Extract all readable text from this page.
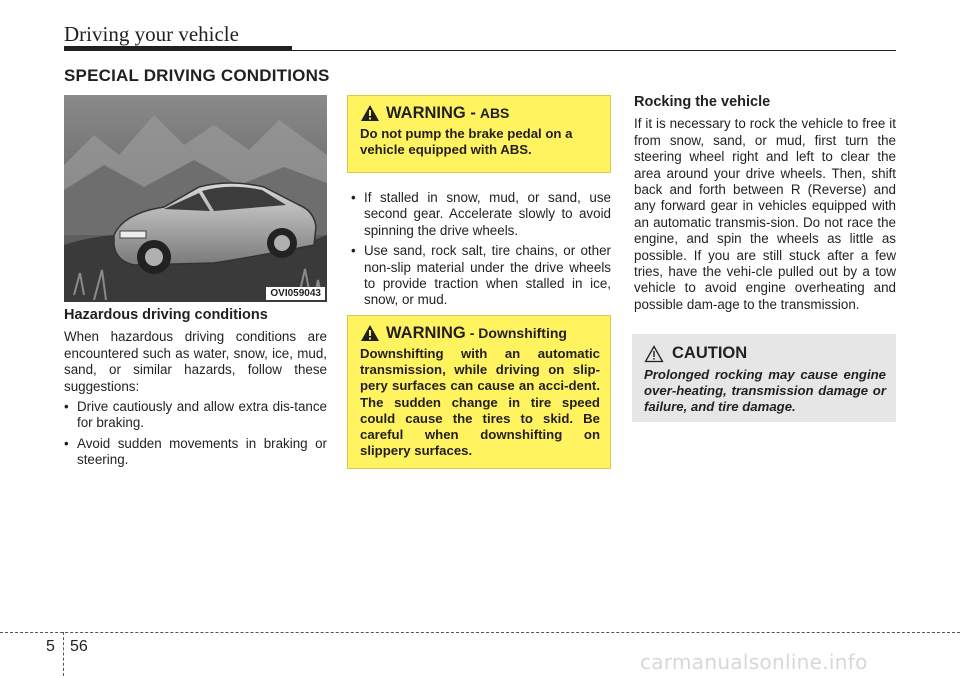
Driving your vehicle
SPECIAL DRIVING CONDITIONS
OVI059043
Hazardous driving conditions

When hazardous driving conditions are encountered such as water, snow, ice, mud, sand, or similar hazards, follow these suggestions:

• Drive cautiously and allow extra dis-tance for braking.
• Avoid sudden movements in braking or steering.
WARNING - ABS
Do not pump the brake pedal on a vehicle equipped with ABS.
• If stalled in snow, mud, or sand, use second gear. Accelerate slowly to avoid spinning the drive wheels.
• Use sand, rock salt, tire chains, or other non-slip material under the drive wheels to provide traction when stalled in ice, snow, or mud.
WARNING - Downshifting
Downshifting with an automatic transmission, while driving on slip-pery surfaces can cause an acci-dent. The sudden change in tire speed could cause the tires to skid. Be careful when downshifting on slippery surfaces.
Rocking the vehicle

If it is necessary to rock the vehicle to free it from snow, sand, or mud, first turn the steering wheel right and left to clear the area around your drive wheels. Then, shift back and forth between R (Reverse) and any forward gear in vehicles equipped with an automatic transmis-sion. Do not race the engine, and spin the wheels as little as possible. If you are still stuck after a few tries, have the vehi-cle pulled out by a tow vehicle to avoid engine overheating and possible dam-age to the transmission.

CAUTION
Prolonged rocking may cause engine over-heating, transmission damage or failure, and tire damage.
5 56
carmanualsonline.info
